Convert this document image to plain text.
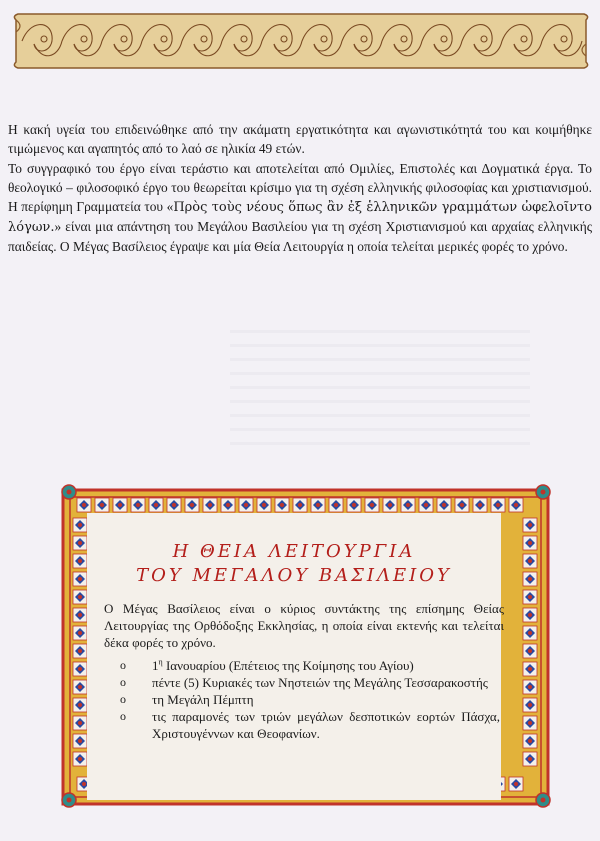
Η κακή υγεία του επιδεινώθηκε από την ακάματη εργατικότητα και αγωνιστικότητά του και κοιμήθηκε τιμώμενος και αγαπητός από το λαό σε ηλικία 49 ετών.

Το συγγραφικό του έργο είναι τεράστιο και αποτελείται από Ομιλίες, Επιστολές και Δογματικά έργα. Το θεολογικό – φιλοσοφικό έργο του θεωρείται κρίσιμο για τη σχέση ελληνικής φιλοσοφίας και χριστιανισμού. Η περίφημη Γραμματεία του «Πρὸς τοὺς νέους ὅπως ἂν ἐξ ἑλληνικῶν γραμμάτων ὠφελοῖντο λόγων.» είναι μια απάντηση του Μεγάλου Βασιλείου για τη σχέση Χριστιανισμού και αρχαίας ελληνικής παιδείας. Ο Μέγας Βασίλειος έγραψε και μία Θεία Λειτουργία η οποία τελείται μερικές φορές το χρόνο.

Η ΘΕΙΑ ΛΕΙΤΟΥΡΓΙΑ
ΤΟΥ ΜΕΓΑΛΟΥ ΒΑΣΙΛΕΙΟΥ
Ο Μέγας Βασίλειος είναι ο κύριος συντάκτης της επίσημης Θείας Λειτουργίας της Ορθόδοξης Εκκλησίας, η οποία είναι εκτενής και τελείται δέκα φορές το χρόνο.
o $1^\eta$ Ιανουαρίου (Επέτειος της Κοίμησης του Αγίου)
o πέντε (5) Κυριακές των Νηστειών της Μεγάλης Τεσσαρακοστής
o τη Μεγάλη Πέμπτη
o τις παραμονές των τριών μεγάλων δεσποτικών εορτών Πάσχα, Χριστουγέννων και Θεοφανίων.
